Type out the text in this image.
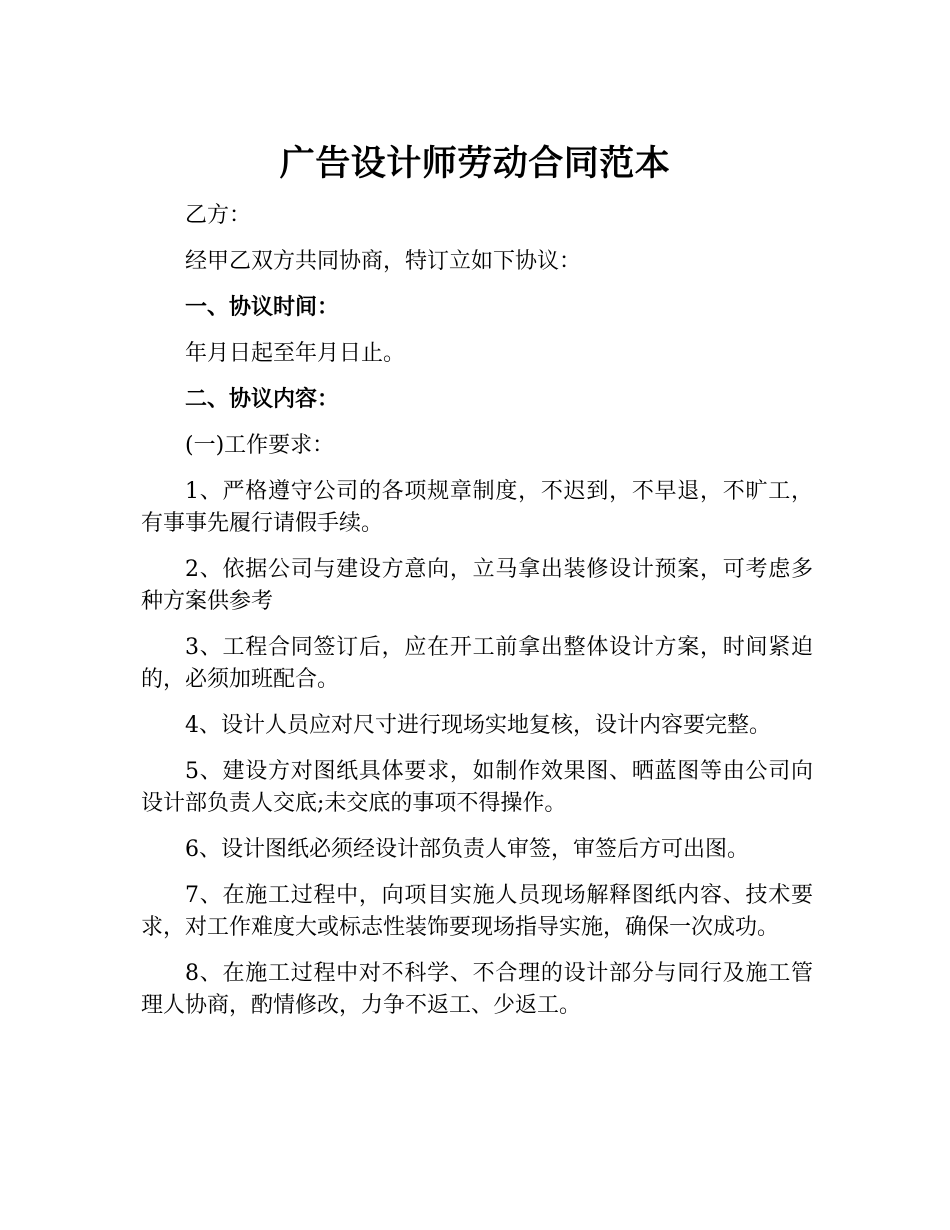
广告设计师劳动合同范本

乙方：

经甲乙双方共同协商，特订立如下协议：

一、协议时间：

年月日起至年月日止。

二、协议内容：

(一)工作要求：

1、严格遵守公司的各项规章制度，不迟到，不早退，不旷工，有事事先履行请假手续。

2、依据公司与建设方意向，立马拿出装修设计预案，可考虑多种方案供参考

3、工程合同签订后，应在开工前拿出整体设计方案，时间紧迫的，必须加班配合。

4、设计人员应对尺寸进行现场实地复核，设计内容要完整。

5、建设方对图纸具体要求，如制作效果图、晒蓝图等由公司向设计部负责人交底;未交底的事项不得操作。

6、设计图纸必须经设计部负责人审签，审签后方可出图。

7、在施工过程中，向项目实施人员现场解释图纸内容、技术要求，对工作难度大或标志性装饰要现场指导实施，确保一次成功。

8、在施工过程中对不科学、不合理的设计部分与同行及施工管理人协商，酌情修改，力争不返工、少返工。
